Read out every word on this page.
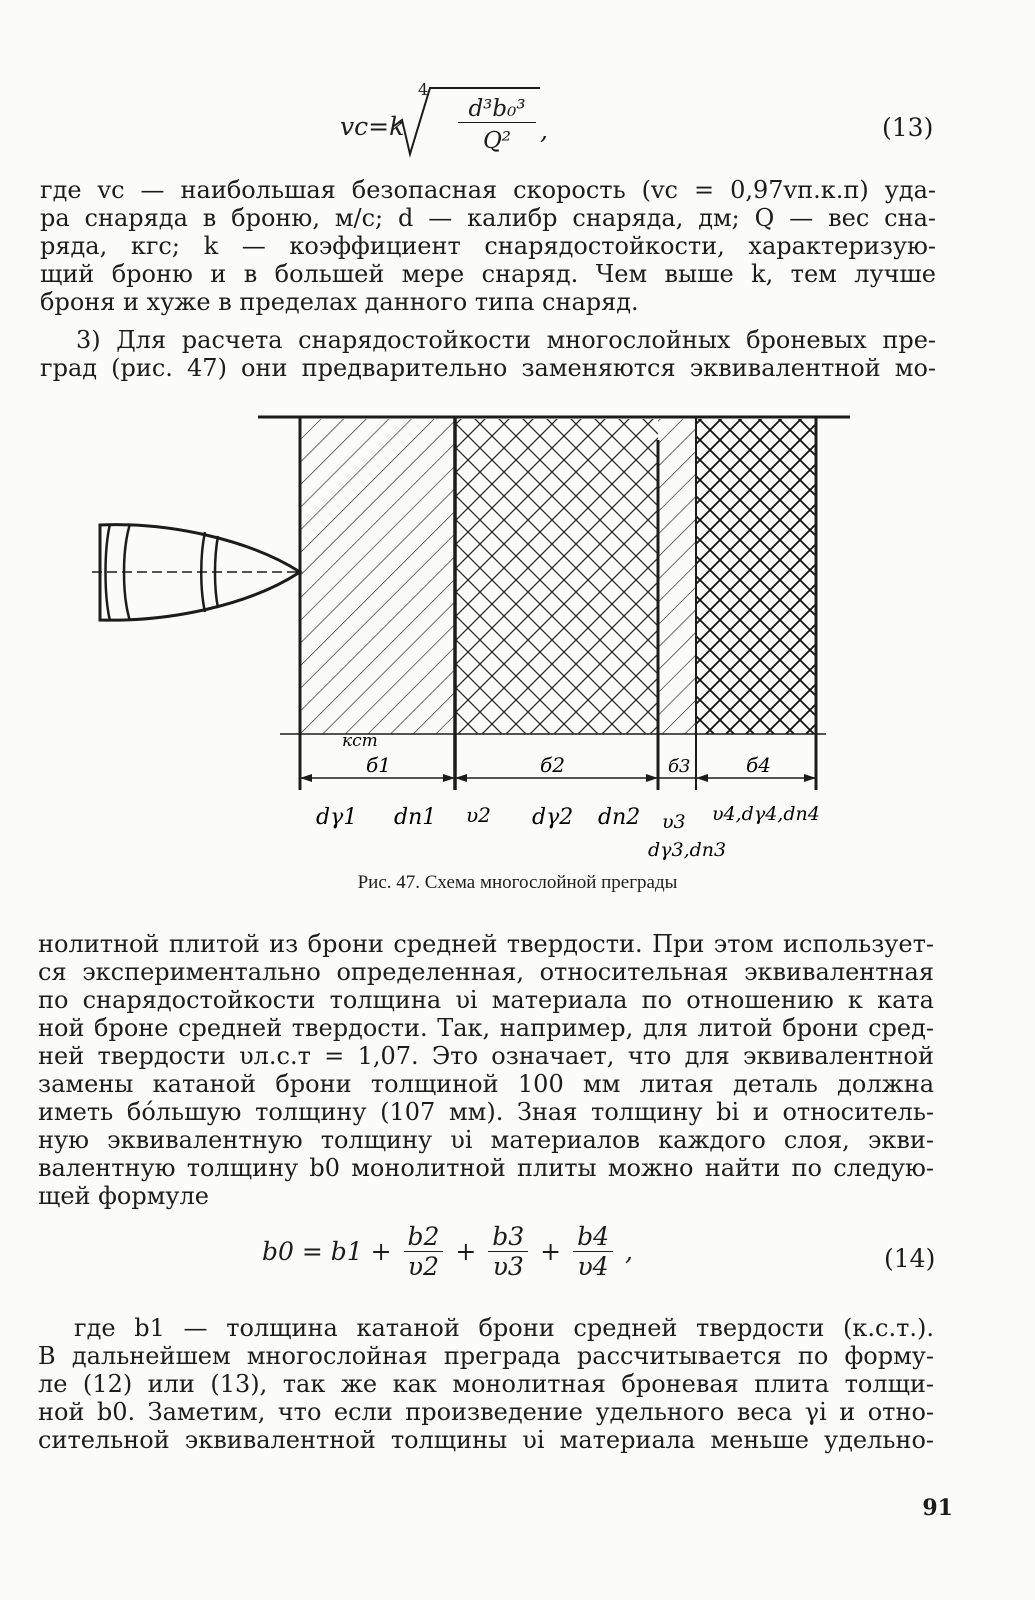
vc=k
4
d³b₀³
Q²	,	(13)
где vc — наибольшая безопасная скорость (vc = 0,97vп.к.п) уда-
ра снаряда в броню, м/с; d — калибр снаряда, дм; Q — вес сна-
ряда, кгс; k — коэффициент снарядостойкости, характеризую-
щий броню и в большей мере снаряд. Чем выше k, тем лучше
броня и хуже в пределах данного типа снаряд.
3) Для расчета снарядостойкости многослойных броневых пре-
град (рис. 47) они предварительно заменяются эквивалентной мо-
кст
б1	б2	б3	б4
dγ1 dп1 υ2 dγ2 dп2 υ3 υ4,dγ4,dп4
dγ3,dп3
Рис. 47. Схема многослойной преграды
нолитной плитой из брони средней твердости. При этом использует-
ся экспериментально определенная, относительная эквивалентная
по снарядостойкости толщина υi материала по отношению к ката
ной броне средней твердости. Так, например, для литой брони сред-
ней твердости υл.с.т = 1,07. Это означает, что для эквивалентной
замены катаной брони толщиной 100 мм литая деталь должна
иметь бо́льшую толщину (107 мм). Зная толщину bi и относитель-
ную эквивалентную толщину υi материалов каждого слоя, экви-
валентную толщину b0 монолитной плиты можно найти по следую-
щей формуле
$b0 = b1 + \frac{b2}{\upsilon 2} + \frac{b3}{\upsilon 3} + \frac{b4}{\upsilon 4}$ ,	(14)
где b1 — толщина катаной брони средней твердости (к.с.т.).
В дальнейшем многослойная преграда рассчитывается по форму-
ле (12) или (13), так же как монолитная броневая плита толщи-
ной b0. Заметим, что если произведение удельного веса γi и отно-
сительной эквивалентной толщины υi материала меньше удельно-
91
